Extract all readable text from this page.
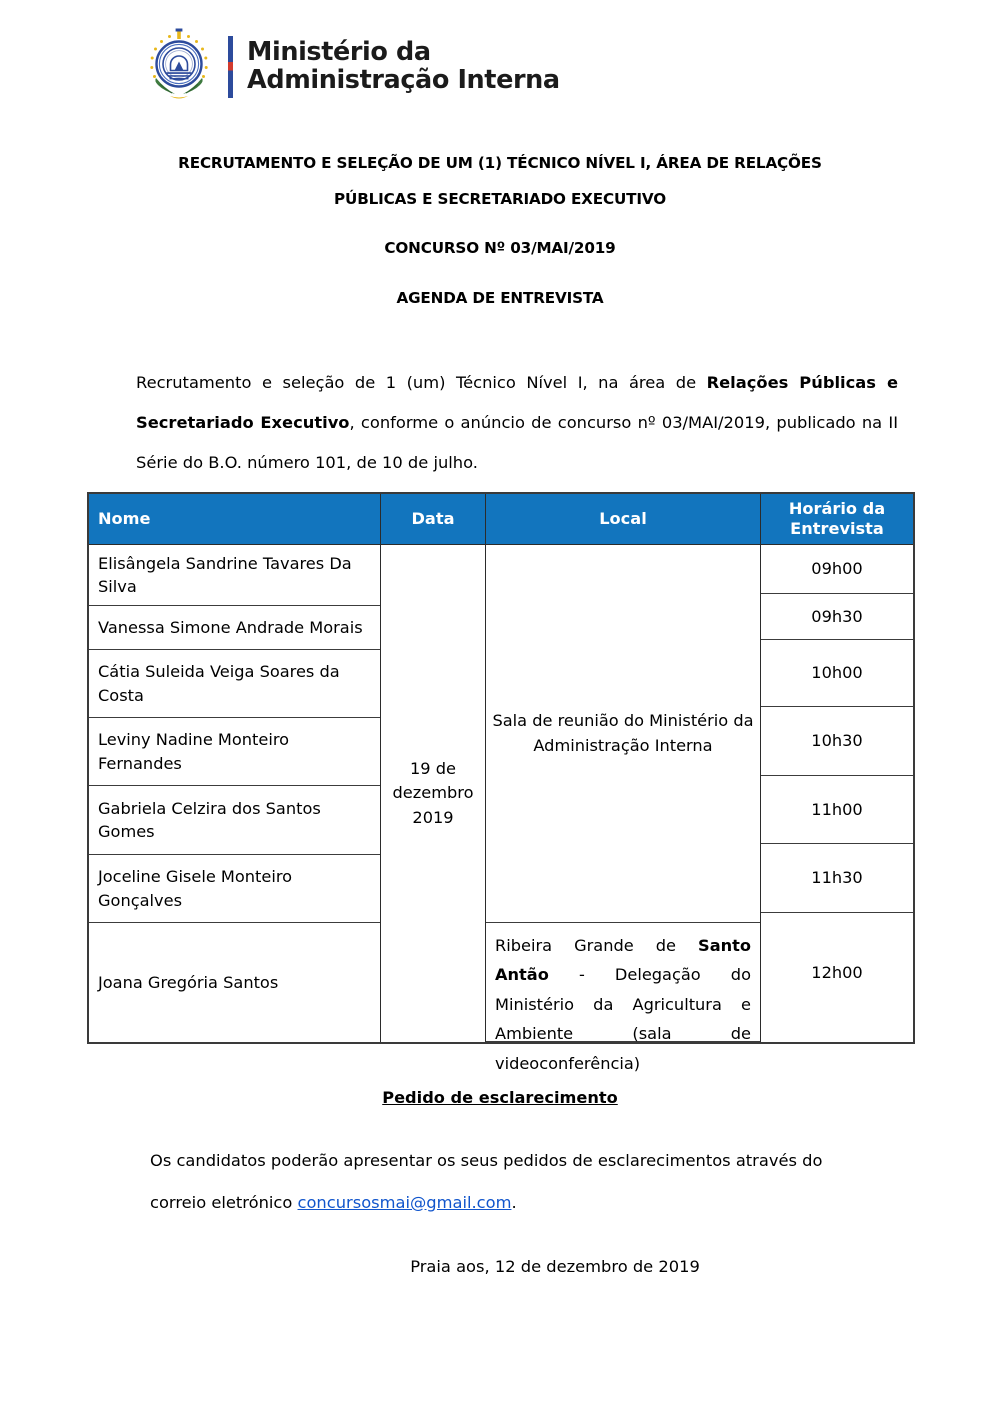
Ministério da
Administração Interna
RECRUTAMENTO E SELEÇÃO DE UM (1) TÉCNICO NÍVEL I, ÁREA DE RELAÇÕES
PÚBLICAS E SECRETARIADO EXECUTIVO
CONCURSO Nº 03/MAI/2019
AGENDA DE ENTREVISTA
Recrutamento e seleção de 1 (um) Técnico Nível I, na área de Relações Públicas e Secretariado Executivo, conforme o anúncio de concurso nº 03/MAI/2019, publicado na II Série do B.O. número 101, de 10 de julho.
Nome
Elisângela Sandrine Tavares Da Silva
Vanessa Simone Andrade Morais
Cátia Suleida Veiga Soares da Costa
Leviny Nadine Monteiro Fernandes
Gabriela Celzira dos Santos Gomes
Joceline Gisele Monteiro Gonçalves
Joana Gregória Santos
Data
19 de dezembro 2019
Local
Sala de reunião do Ministério da Administração Interna
Ribeira Grande de Santo Antão - Delegação do Ministério da Agricultura e Ambiente (sala de videoconferência)
Horário da Entrevista
09h00
09h30
10h00
10h30
11h00
11h30
12h00
Pedido de esclarecimento
Os candidatos poderão apresentar os seus pedidos de esclarecimentos através do correio eletrónico concursosmai@gmail.com.
Praia aos, 12 de dezembro de 2019
